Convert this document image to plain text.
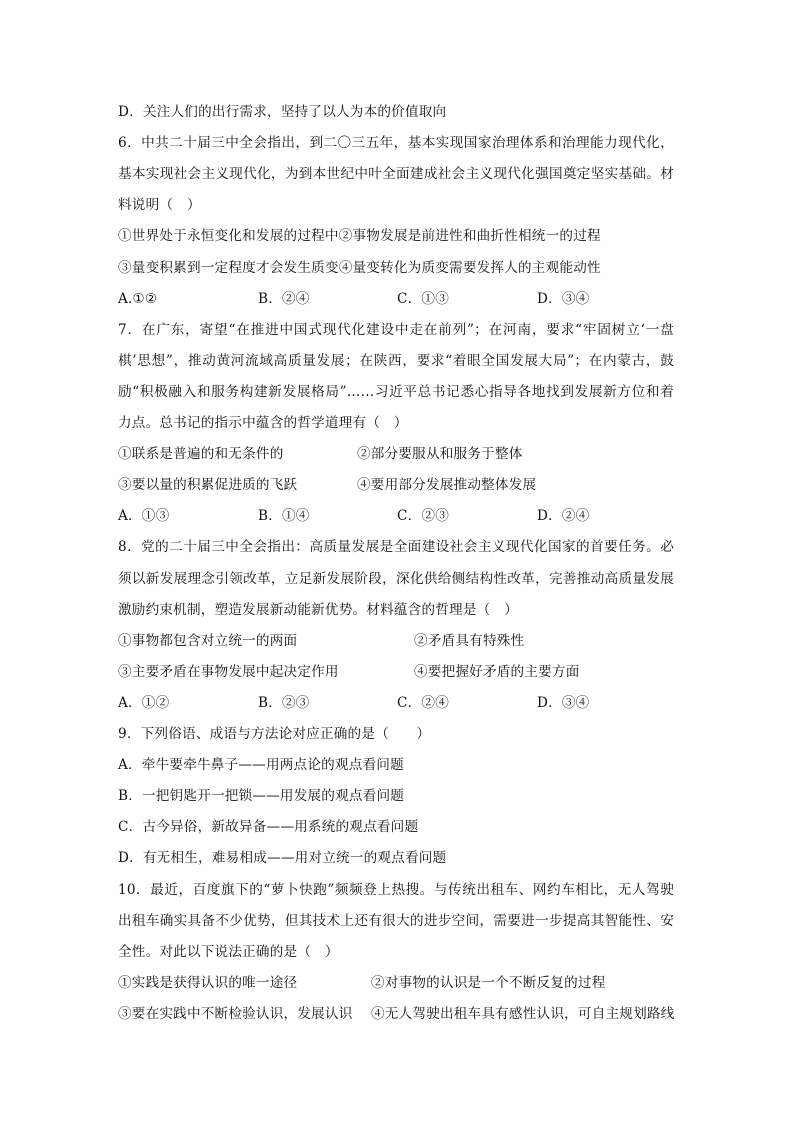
D．关注人们的出行需求，坚持了以人为本的价值取向
6．中共二十届三中全会指出，到二〇三五年，基本实现国家治理体系和治理能力现代化，
基本实现社会主义现代化，为到本世纪中叶全面建成社会主义现代化强国奠定坚实基础。材
料说明（　）
①世界处于永恒变化和发展的过程中②事物发展是前进性和曲折性相统一的过程
③量变积累到一定程度才会发生质变④量变转化为质变需要发挥人的主观能动性
A.①②	B．②④	C．①③	D．③④
7．在广东，寄望“在推进中国式现代化建设中走在前列”；在河南，要求“牢固树立‘一盘
棋’思想”，推动黄河流域高质量发展；在陕西，要求“着眼全国发展大局”；在内蒙古，鼓
励“积极融入和服务构建新发展格局”……习近平总书记悉心指导各地找到发展新方位和着
力点。总书记的指示中蕴含的哲学道理有（　）
①联系是普遍的和无条件的	②部分要服从和服务于整体
③要以量的积累促进质的飞跃	④要用部分发展推动整体发展
A．①③	B．①④	C．②③	D．②④
8．党的二十届三中全会指出：高质量发展是全面建设社会主义现代化国家的首要任务。必
须以新发展理念引领改革，立足新发展阶段，深化供给侧结构性改革，完善推动高质量发展
激励约束机制，塑造发展新动能新优势。材料蕴含的哲理是（　）
①事物都包含对立统一的两面	②矛盾具有特殊性
③主要矛盾在事物发展中起决定作用	④要把握好矛盾的主要方面
A．①②	B．②③	C．②④	D．③④
9．下列俗语、成语与方法论对应正确的是（　　）
A．牵牛要牵牛鼻子——用两点论的观点看问题
B．一把钥匙开一把锁——用发展的观点看问题
C．古今异俗，新故异备——用系统的观点看问题
D．有无相生，难易相成——用对立统一的观点看问题
10．最近，百度旗下的“萝卜快跑”频频登上热搜。与传统出租车、网约车相比，无人驾驶
出租车确实具备不少优势，但其技术上还有很大的进步空间，需要进一步提高其智能性、安
全性。对此以下说法正确的是（　）
①实践是获得认识的唯一途径	②对事物的认识是一个不断反复的过程
③要在实践中不断检验认识，发展认识 ④无人驾驶出租车具有感性认识，可自主规划路线
